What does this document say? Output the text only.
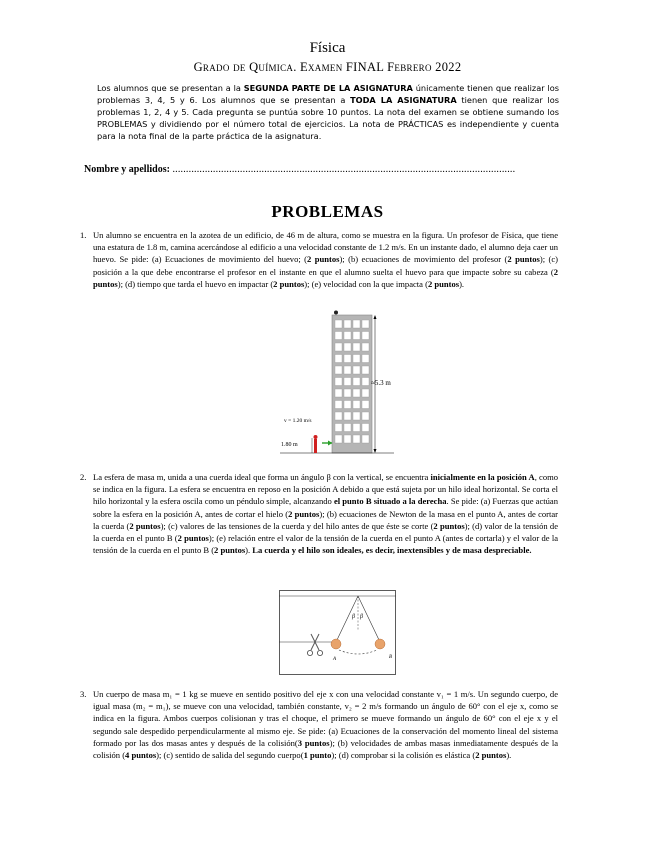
Física
Grado de Química. Examen FINAL Febrero 2022
Los alumnos que se presentan a la SEGUNDA PARTE DE LA ASIGNATURA únicamente tienen que realizar los problemas 3, 4, 5 y 6. Los alumnos que se presentan a TODA LA ASIGNATURA tienen que realizar los problemas 1, 2, 4 y 5. Cada pregunta se puntúa sobre 10 puntos. La nota del examen se obtiene sumando los PROBLEMAS y dividiendo por el número total de ejercicios. La nota de PRÁCTICAS es independiente y cuenta para la nota final de la parte práctica de la asignatura.
Nombre y apellidos: ...............................................................................................................................
PROBLEMAS
1. Un alumno se encuentra en la azotea de un edificio, de 46 m de altura, como se muestra en la figura. Un profesor de Física, que tiene una estatura de 1.8 m, camina acercándose al edificio a una velocidad constante de 1.2 m/s. En un instante dado, el alumno deja caer un huevo. Se pide: (a) Ecuaciones de movimiento del huevo; (2 puntos); (b) ecuaciones de movimiento del profesor (2 puntos); (c) posición a la que debe encontrarse el profesor en el instante en que el alumno suelta el huevo para que impacte sobre su cabeza (2 puntos); (d) tiempo que tarda el huevo en impactar (2 puntos); (e) velocidad con la que impacta (2 puntos).
≈5.3 m
v = 1.20 m/s
1.80 m
2. La esfera de masa m, unida a una cuerda ideal que forma un ángulo β con la vertical, se encuentra inicialmente en la posición A, como se indica en la figura. La esfera se encuentra en reposo en la posición A debido a que está sujeta por un hilo ideal horizontal. Se corta el hilo horizontal y la esfera oscila como un péndulo simple, alcanzando el punto B situado a la derecha. Se pide: (a) Fuerzas que actúan sobre la esfera en la posición A, antes de cortar el hielo (2 puntos); (b) ecuaciones de Newton de la masa en el punto A, antes de cortar la cuerda (2 puntos); (c) valores de las tensiones de la cuerda y del hilo antes de que éste se corte (2 puntos); (d) valor de la tensión de la cuerda en el punto B (2 puntos); (e) relación entre el valor de la tensión de la cuerda en el punto A (antes de cortarla) y el valor de la tensión de la cuerda en el punto B (2 puntos). La cuerda y el hilo son ideales, es decir, inextensibles y de masa despreciable.
β β
A	B
3. Un cuerpo de masa m₁ = 1 kg se mueve en sentido positivo del eje x con una velocidad constante v₁ = 1 m/s. Un segundo cuerpo, de igual masa (m₂ = m₁), se mueve con una velocidad, también constante, v₂ = 2 m/s formando un ángulo de 60° con el eje x, como se indica en la figura. Ambos cuerpos colisionan y tras el choque, el primero se mueve formando un ángulo de 60° con el eje x y el segundo sale despedido perpendicularmente al mismo eje. Se pide: (a) Ecuaciones de la conservación del momento lineal del sistema formado por las dos masas antes y después de la colisión(3 puntos); (b) velocidades de ambas masas inmediatamente después de la colisión (4 puntos); (c) sentido de salida del segundo cuerpo(1 punto); (d) comprobar si la colisión es elástica (2 puntos).
